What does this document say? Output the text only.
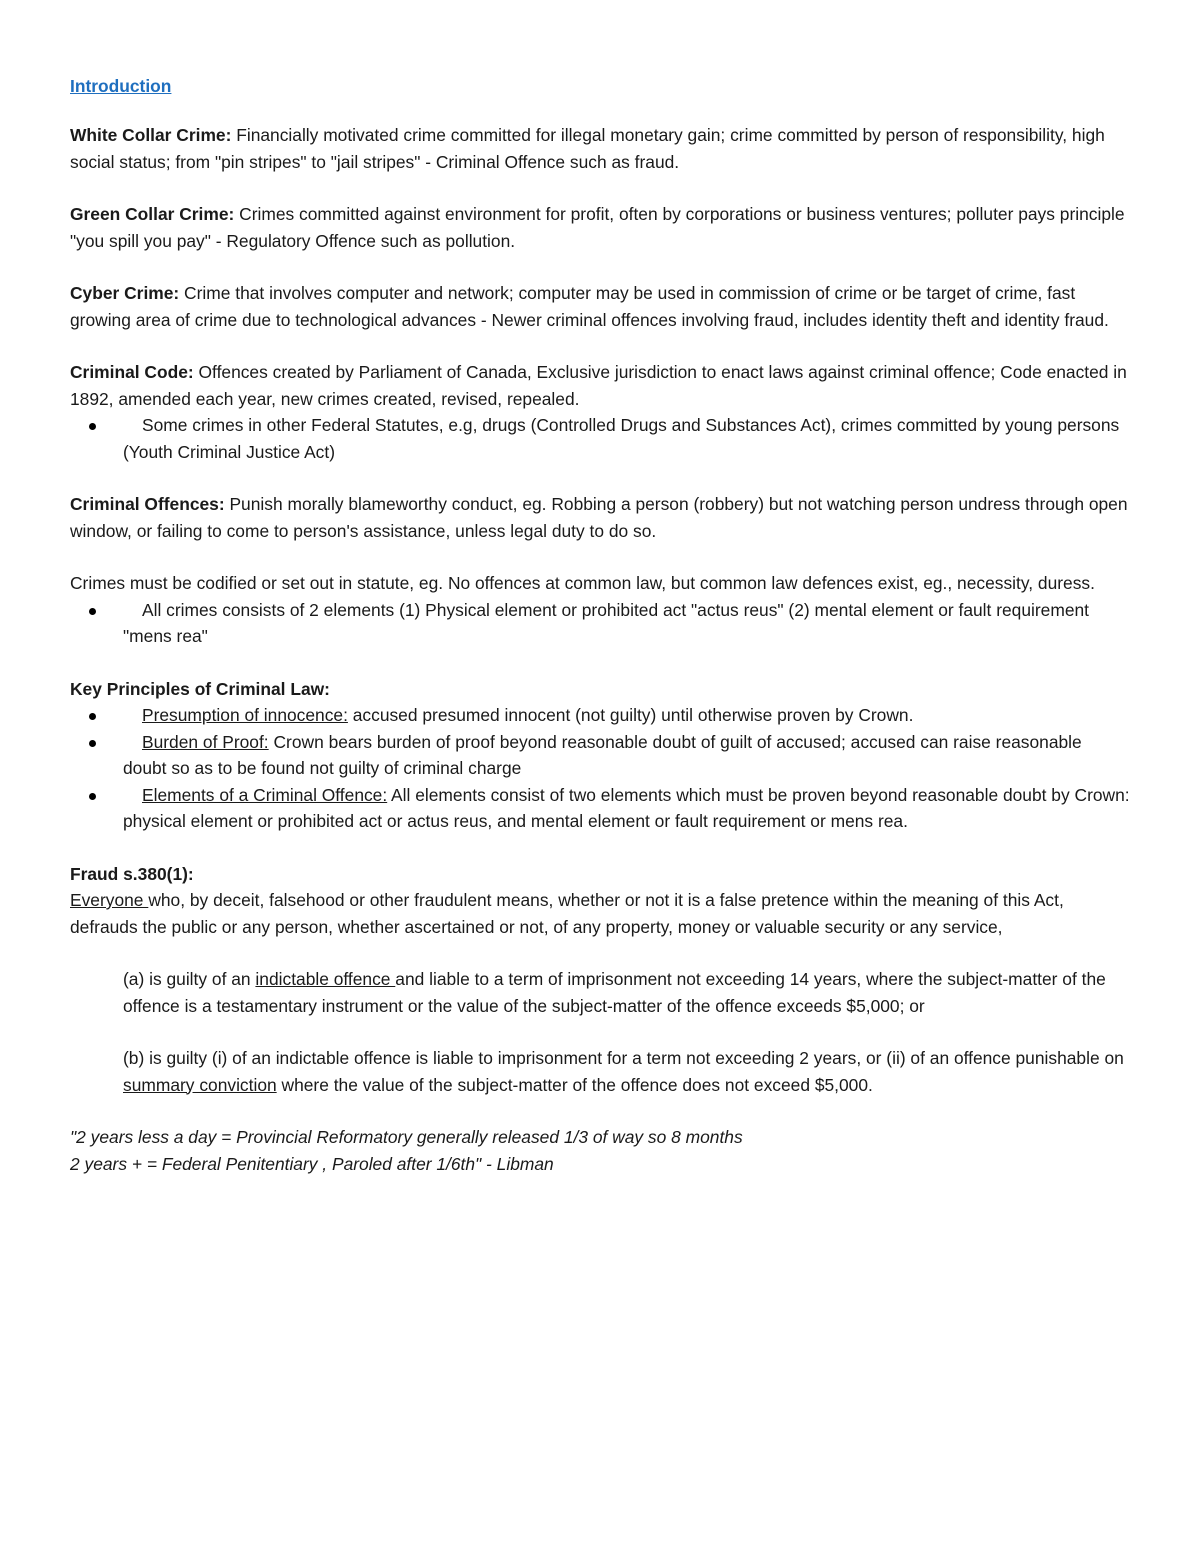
Introduction

White Collar Crime: Financially motivated crime committed for illegal monetary gain; crime committed by person of responsibility, high social status; from "pin stripes" to "jail stripes" - Criminal Offence such as fraud.

Green Collar Crime: Crimes committed against environment for profit, often by corporations or business ventures; polluter pays principle "you spill you pay" - Regulatory Offence such as pollution.

Cyber Crime: Crime that involves computer and network; computer may be used in commission of crime or be target of crime, fast growing area of crime due to technological advances - Newer criminal offences involving fraud, includes identity theft and identity fraud.

Criminal Code: Offences created by Parliament of Canada, Exclusive jurisdiction to enact laws against criminal offence; Code enacted in 1892, amended each year, new crimes created, revised, repealed.

Some crimes in other Federal Statutes, e.g, drugs (Controlled Drugs and Substances Act), crimes committed by young persons (Youth Criminal Justice Act)

Criminal Offences: Punish morally blameworthy conduct, eg. Robbing a person (robbery) but not watching person undress through open window, or failing to come to person's assistance, unless legal duty to do so.

Crimes must be codified or set out in statute, eg. No offences at common law, but common law defences exist, eg., necessity, duress.

All crimes consists of 2 elements (1) Physical element or prohibited act "actus reus" (2) mental element or fault requirement "mens rea"

Key Principles of Criminal Law:

Presumption of innocence: accused presumed innocent (not guilty) until otherwise proven by Crown.
Burden of Proof: Crown bears burden of proof beyond reasonable doubt of guilt of accused; accused can raise reasonable doubt so as to be found not guilty of criminal charge
Elements of a Criminal Offence: All elements consist of two elements which must be proven beyond reasonable doubt by Crown: physical element or prohibited act or actus reus, and mental element or fault requirement or mens rea.

Fraud s.380(1):

Everyone who, by deceit, falsehood or other fraudulent means, whether or not it is a false pretence within the meaning of this Act, defrauds the public or any person, whether ascertained or not, of any property, money or valuable security or any service,

(a) is guilty of an indictable offence and liable to a term of imprisonment not exceeding 14 years, where the subject-matter of the offence is a testamentary instrument or the value of the subject-matter of the offence exceeds $5,000; or

(b) is guilty (i) of an indictable offence is liable to imprisonment for a term not exceeding 2 years, or (ii) of an offence punishable on summary conviction where the value of the subject-matter of the offence does not exceed $5,000.

"2 years less a day = Provincial Reformatory generally released 1/3 of way so 8 months

2 years + = Federal Penitentiary , Paroled after 1/6th" - Libman
